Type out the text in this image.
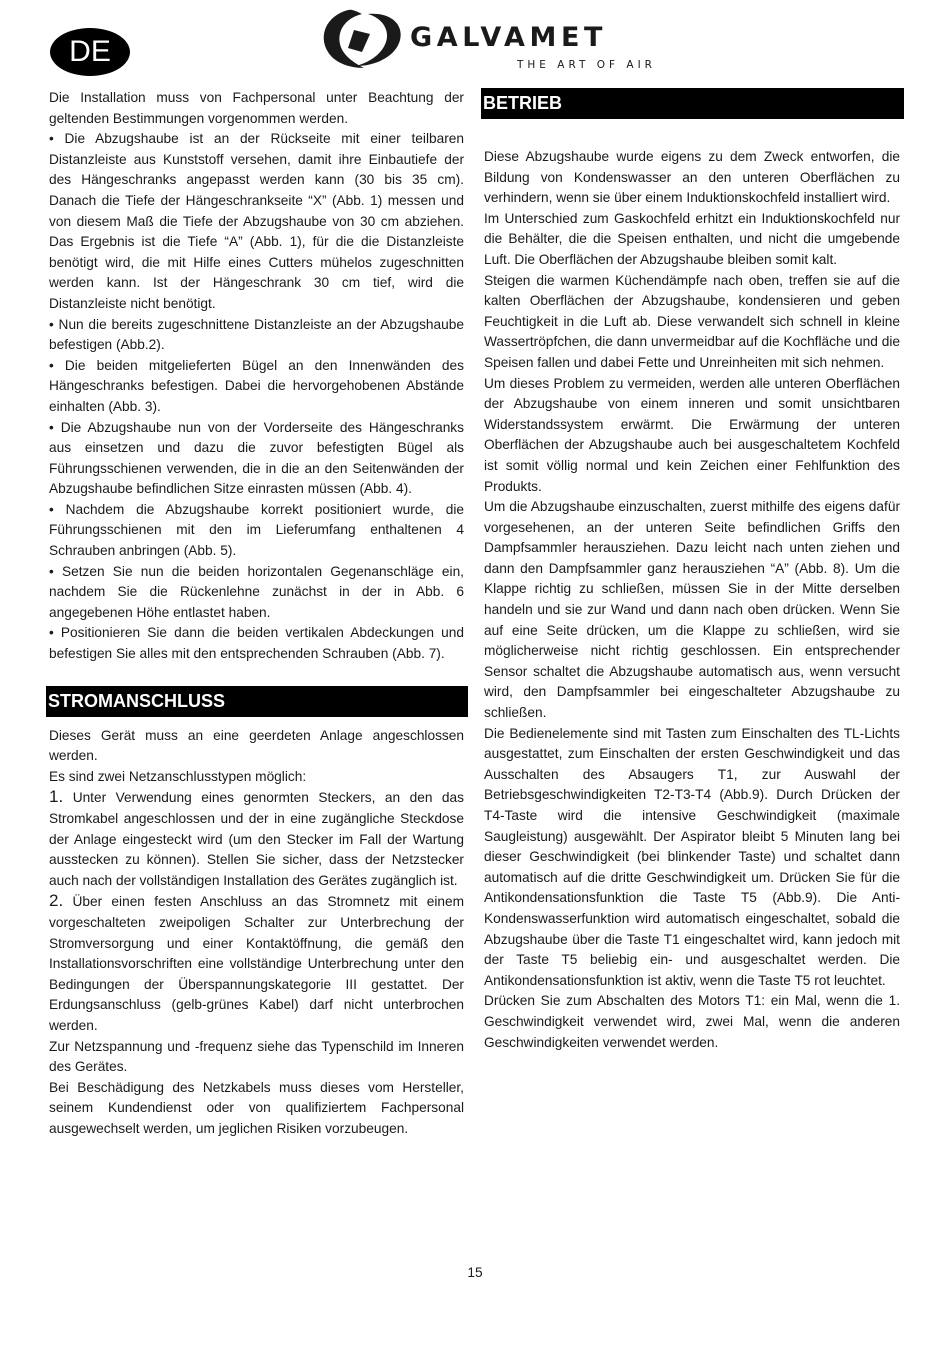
DE	GALVAMET
THE ART OF AIR

Die Installation muss von Fachpersonal unter Beachtung der geltenden Bestimmungen vorgenommen werden.

• Die Abzugshaube ist an der Rückseite mit einer teilbaren Distanzleiste aus Kunststoff versehen, damit ihre Einbautiefe der des Hängeschranks angepasst werden kann (30 bis 35 cm). Danach die Tiefe der Hängeschrankseite “X” (Abb. 1) messen und von diesem Maß die Tiefe der Abzugshaube von 30 cm abziehen. Das Ergebnis ist die Tiefe “A” (Abb. 1), für die die Distanzleiste benötigt wird, die mit Hilfe eines Cutters mühelos zugeschnitten werden kann. Ist der Hängeschrank 30 cm tief, wird die Distanzleiste nicht benötigt.

• Nun die bereits zugeschnittene Distanzleiste an der Abzugshaube befestigen (Abb.2).

• Die beiden mitgelieferten Bügel an den Innenwänden des Hängeschranks befestigen. Dabei die hervorgehobenen Abstände einhalten (Abb. 3).

• Die Abzugshaube nun von der Vorderseite des Hängeschranks aus einsetzen und dazu die zuvor befestigten Bügel als Führungsschienen verwenden, die in die an den Seitenwänden der Abzugshaube befindlichen Sitze einrasten müssen (Abb. 4).

• Nachdem die Abzugshaube korrekt positioniert wurde, die Führungsschienen mit den im Lieferumfang enthaltenen 4 Schrauben anbringen (Abb. 5).

• Setzen Sie nun die beiden horizontalen Gegenanschläge ein, nachdem Sie die Rückenlehne zunächst in der in Abb. 6 angegebenen Höhe entlastet haben.

• Positionieren Sie dann die beiden vertikalen Abdeckungen und befestigen Sie alles mit den entsprechenden Schrauben (Abb. 7).

STROMANSCHLUSS

Dieses Gerät muss an eine geerdeten Anlage angeschlossen werden.

Es sind zwei Netzanschlusstypen möglich:

1. Unter Verwendung eines genormten Steckers, an den das Stromkabel angeschlossen und der in eine zugängliche Steckdose der Anlage eingesteckt wird (um den Stecker im Fall der Wartung ausstecken zu können). Stellen Sie sicher, dass der Netzstecker auch nach der vollständigen Installation des Gerätes zugänglich ist.

2. Über einen festen Anschluss an das Stromnetz mit einem vorgeschalteten zweipoligen Schalter zur Unterbrechung der Stromversorgung und einer Kontaktöffnung, die gemäß den Installationsvorschriften eine vollständige Unterbrechung unter den Bedingungen der Überspannungskategorie III gestattet. Der Erdungsanschluss (gelb-grünes Kabel) darf nicht unterbrochen werden.

Zur Netzspannung und -frequenz siehe das Typenschild im Inneren des Gerätes.

Bei Beschädigung des Netzkabels muss dieses vom Hersteller, seinem Kundendienst oder von qualifiziertem Fachpersonal ausgewechselt werden, um jeglichen Risiken vorzubeugen.

BETRIEB

Diese Abzugshaube wurde eigens zu dem Zweck entworfen, die Bildung von Kondenswasser an den unteren Oberflächen zu verhindern, wenn sie über einem Induktionskochfeld installiert wird.

Im Unterschied zum Gaskochfeld erhitzt ein Induktionskochfeld nur die Behälter, die die Speisen enthalten, und nicht die umgebende Luft. Die Oberflächen der Abzugshaube bleiben somit kalt.

Steigen die warmen Küchendämpfe nach oben, treffen sie auf die kalten Oberflächen der Abzugshaube, kondensieren und geben Feuchtigkeit in die Luft ab. Diese verwandelt sich schnell in kleine Wassertröpfchen, die dann unvermeidbar auf die Kochfläche und die Speisen fallen und dabei Fette und Unreinheiten mit sich nehmen.

Um dieses Problem zu vermeiden, werden alle unteren Oberflächen der Abzugshaube von einem inneren und somit unsichtbaren Widerstandssystem erwärmt. Die Erwärmung der unteren Oberflächen der Abzugshaube auch bei ausgeschaltetem Kochfeld ist somit völlig normal und kein Zeichen einer Fehlfunktion des Produkts.

Um die Abzugshaube einzuschalten, zuerst mithilfe des eigens dafür vorgesehenen, an der unteren Seite befindlichen Griffs den Dampfsammler herausziehen. Dazu leicht nach unten ziehen und dann den Dampfsammler ganz herausziehen “A” (Abb. 8). Um die Klappe richtig zu schließen, müssen Sie in der Mitte derselben handeln und sie zur Wand und dann nach oben drücken. Wenn Sie auf eine Seite drücken, um die Klappe zu schließen, wird sie möglicherweise nicht richtig geschlossen. Ein entsprechender Sensor schaltet die Abzugshaube automatisch aus, wenn versucht wird, den Dampfsammler bei eingeschalteter Abzugshaube zu schließen.

Die Bedienelemente sind mit Tasten zum Einschalten des TL-Lichts ausgestattet, zum Einschalten der ersten Geschwindigkeit und das Ausschalten des Absaugers T1, zur Auswahl der Betriebsgeschwindigkeiten T2-T3-T4 (Abb.9). Durch Drücken der T4-Taste wird die intensive Geschwindigkeit (maximale Saugleistung) ausgewählt. Der Aspirator bleibt 5 Minuten lang bei dieser Geschwindigkeit (bei blinkender Taste) und schaltet dann automatisch auf die dritte Geschwindigkeit um. Drücken Sie für die Antikondensationsfunktion die Taste T5 (Abb.9). Die Anti-Kondenswasserfunktion wird automatisch eingeschaltet, sobald die Abzugshaube über die Taste T1 eingeschaltet wird, kann jedoch mit der Taste T5 beliebig ein- und ausgeschaltet werden. Die Antikondensationsfunktion ist aktiv, wenn die Taste T5 rot leuchtet.

Drücken Sie zum Abschalten des Motors T1: ein Mal, wenn die 1. Geschwindigkeit verwendet wird, zwei Mal, wenn die anderen Geschwindigkeiten verwendet werden.

15
